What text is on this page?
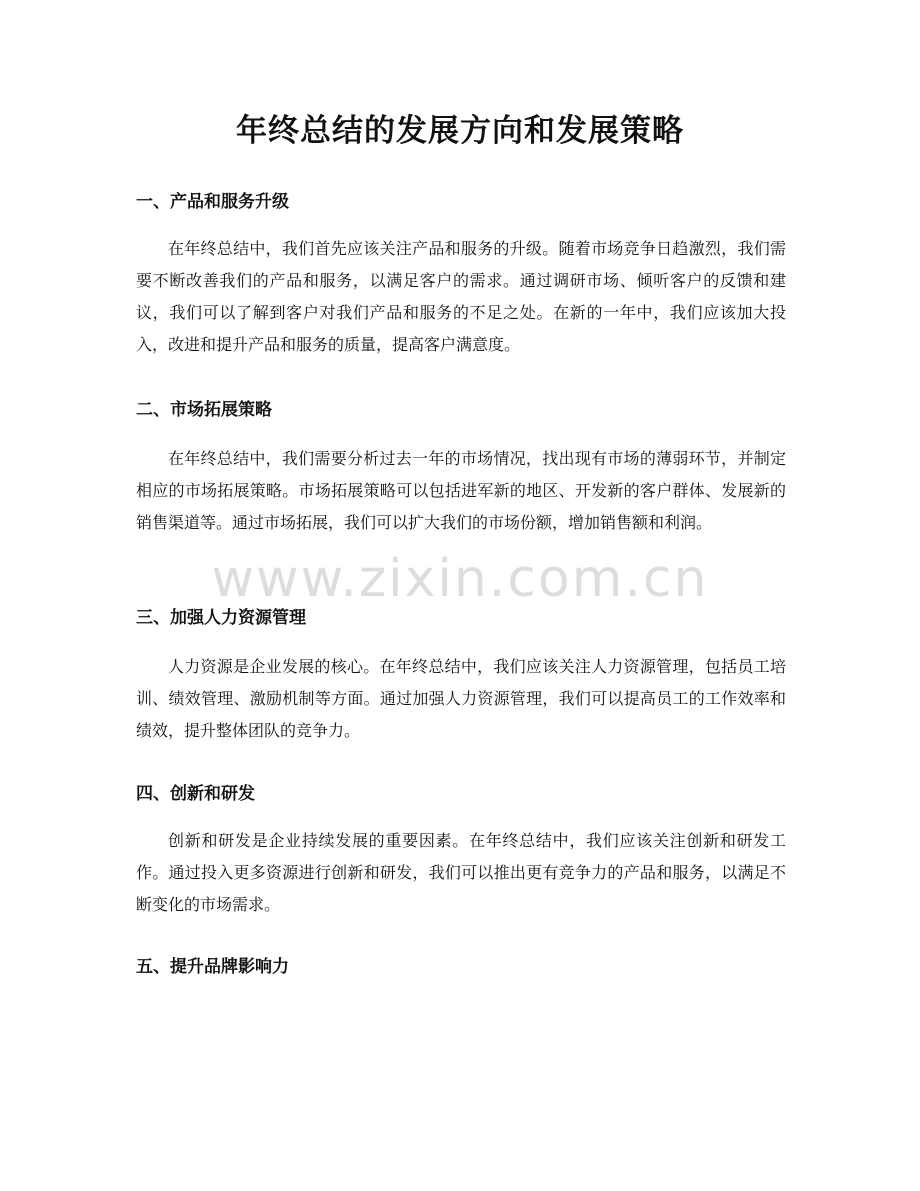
年终总结的发展方向和发展策略
一、产品和服务升级

在年终总结中，我们首先应该关注产品和服务的升级。随着市场竞争日趋激烈，我们需要不断改善我们的产品和服务，以满足客户的需求。通过调研市场、倾听客户的反馈和建议，我们可以了解到客户对我们产品和服务的不足之处。在新的一年中，我们应该加大投入，改进和提升产品和服务的质量，提高客户满意度。

二、市场拓展策略

在年终总结中，我们需要分析过去一年的市场情况，找出现有市场的薄弱环节，并制定相应的市场拓展策略。市场拓展策略可以包括进军新的地区、开发新的客户群体、发展新的销售渠道等。通过市场拓展，我们可以扩大我们的市场份额，增加销售额和利润。

三、加强人力资源管理

人力资源是企业发展的核心。在年终总结中，我们应该关注人力资源管理，包括员工培训、绩效管理、激励机制等方面。通过加强人力资源管理，我们可以提高员工的工作效率和绩效，提升整体团队的竞争力。

四、创新和研发

创新和研发是企业持续发展的重要因素。在年终总结中，我们应该关注创新和研发工作。通过投入更多资源进行创新和研发，我们可以推出更有竞争力的产品和服务，以满足不断变化的市场需求。

五、提升品牌影响力
www.zixin.com.cn
